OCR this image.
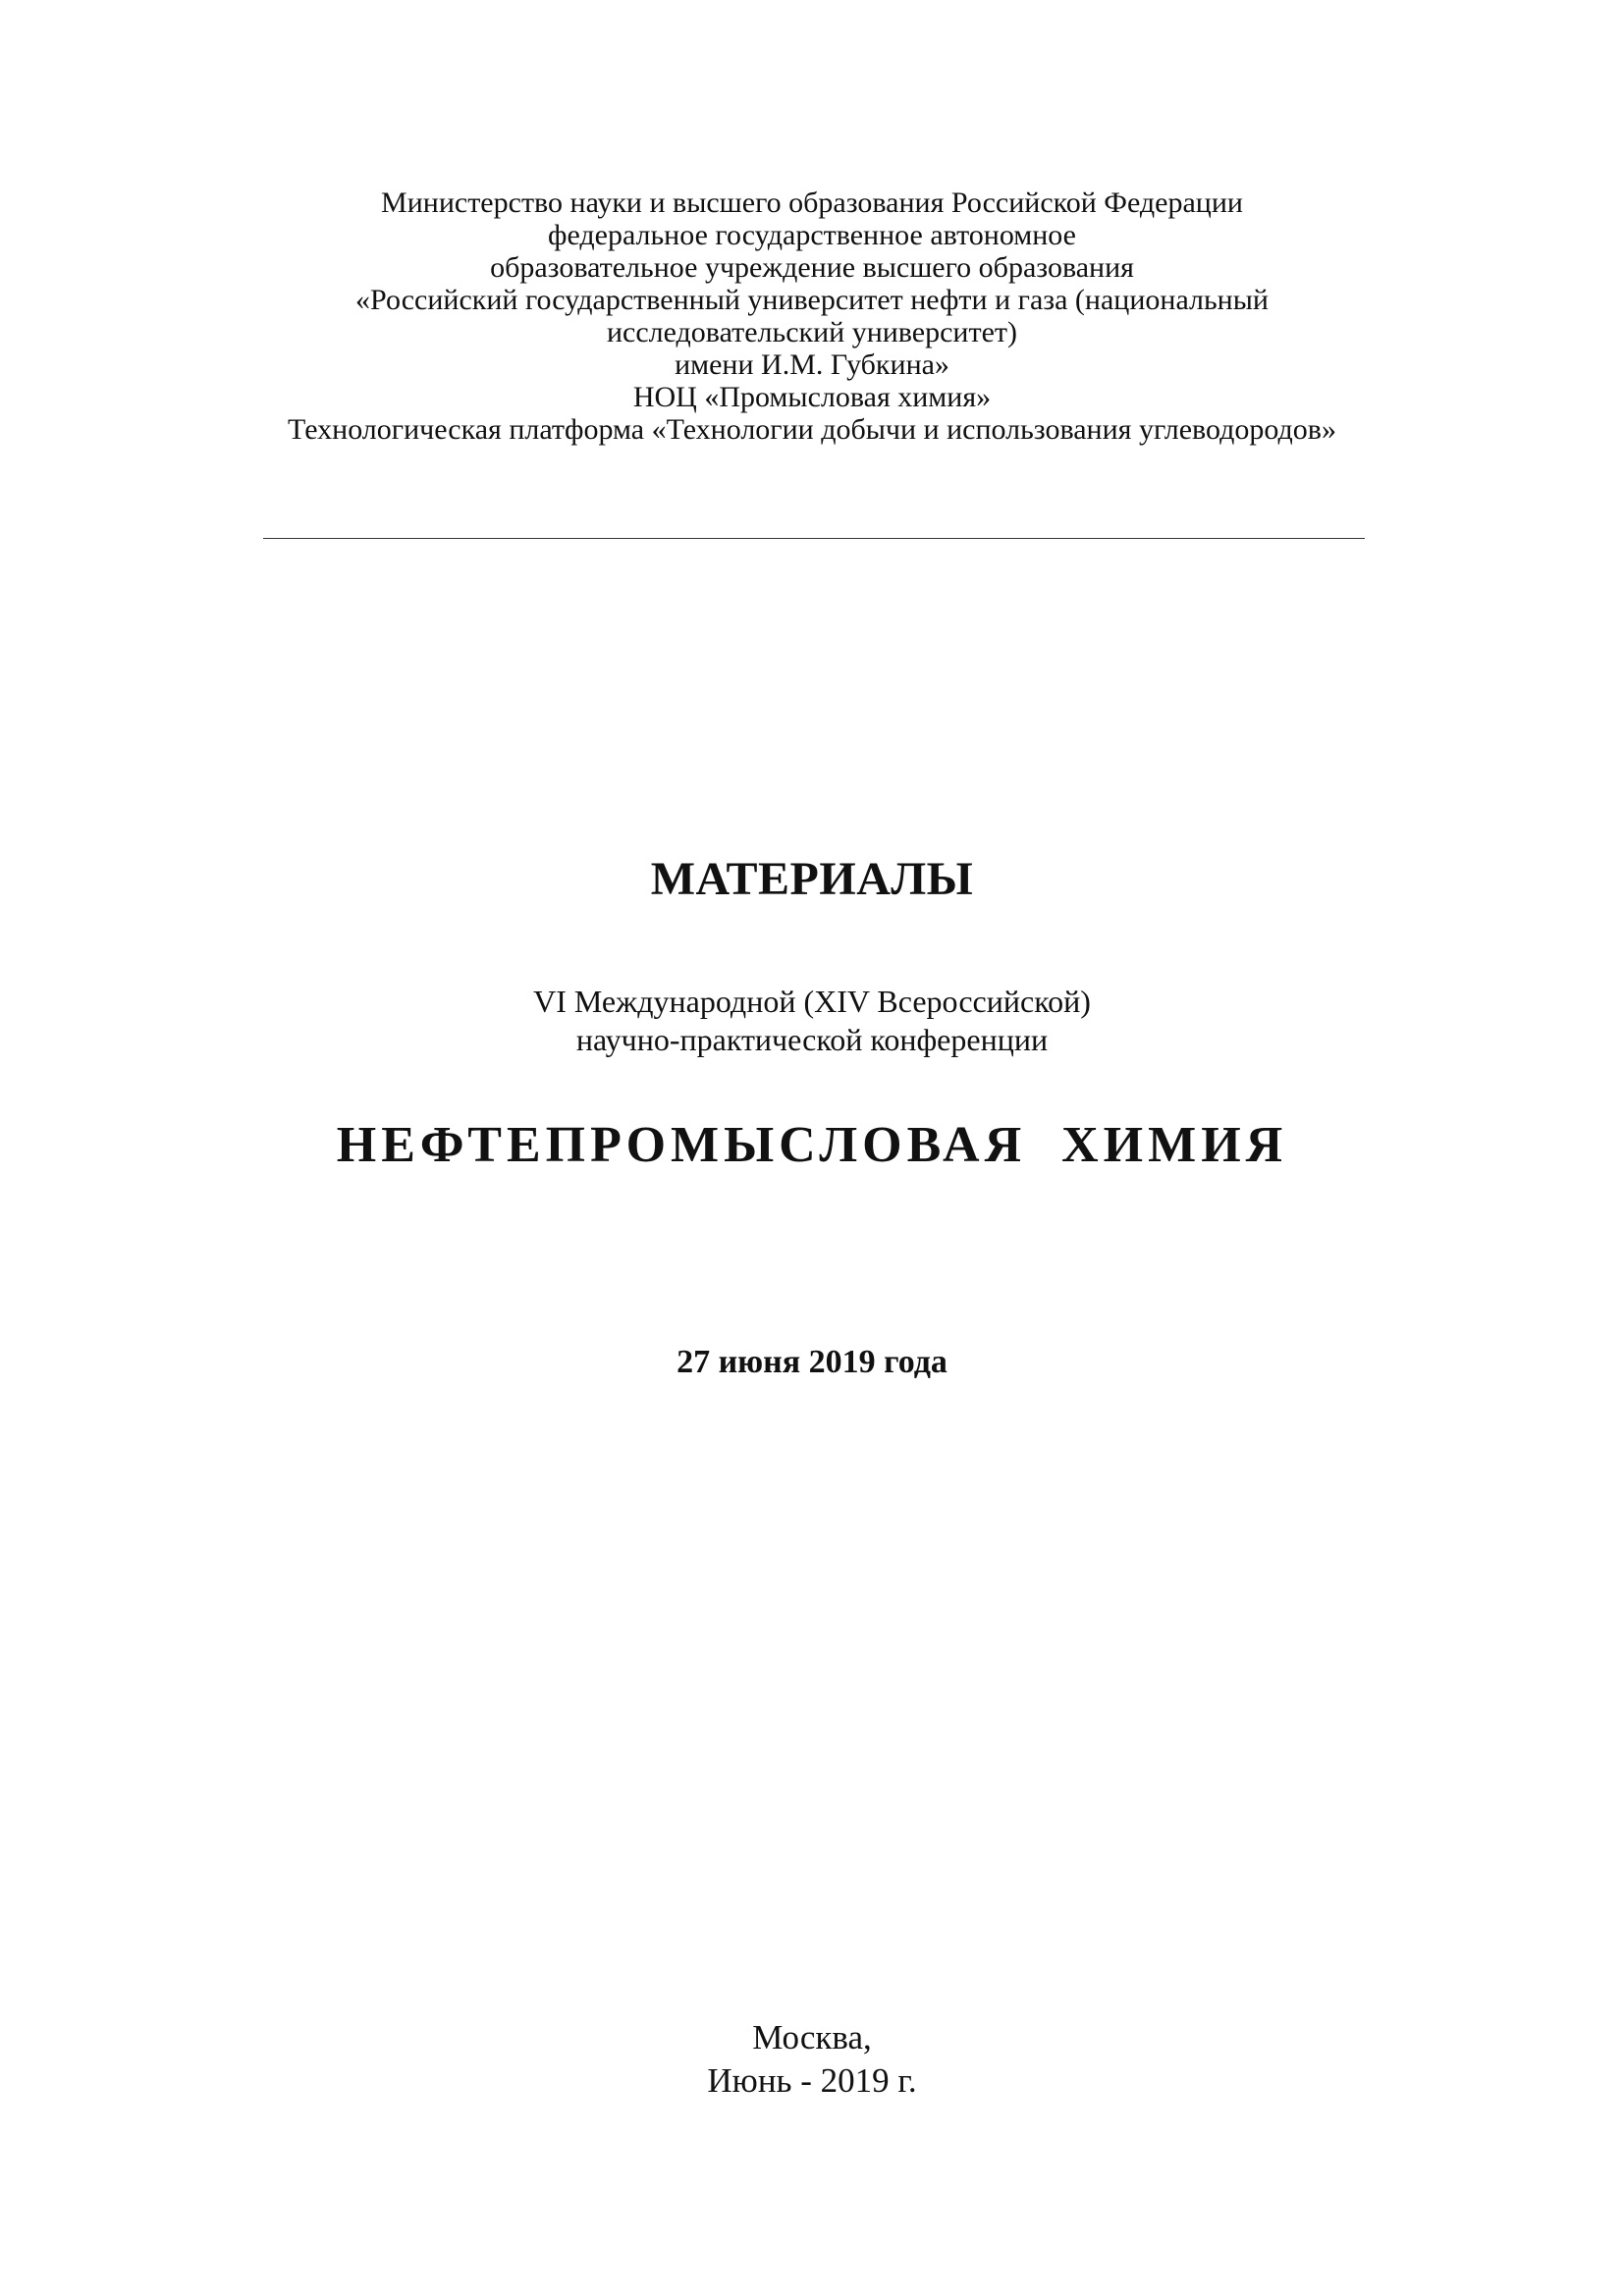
Министерство науки и высшего образования Российской Федерации
федеральное государственное автономное
образовательное учреждение высшего образования
«Российский государственный университет нефти и газа (национальный
исследовательский университет)
имени И.М. Губкина»
НОЦ «Промысловая химия»
Технологическая платформа «Технологии добычи и использования углеводородов»
МАТЕРИАЛЫ
VI Международной (XIV Всероссийской)
научно-практической конференции
НЕФТЕПРОМЫСЛОВАЯ  ХИМИЯ
27 июня 2019 года
Москва,
Июнь - 2019 г.
